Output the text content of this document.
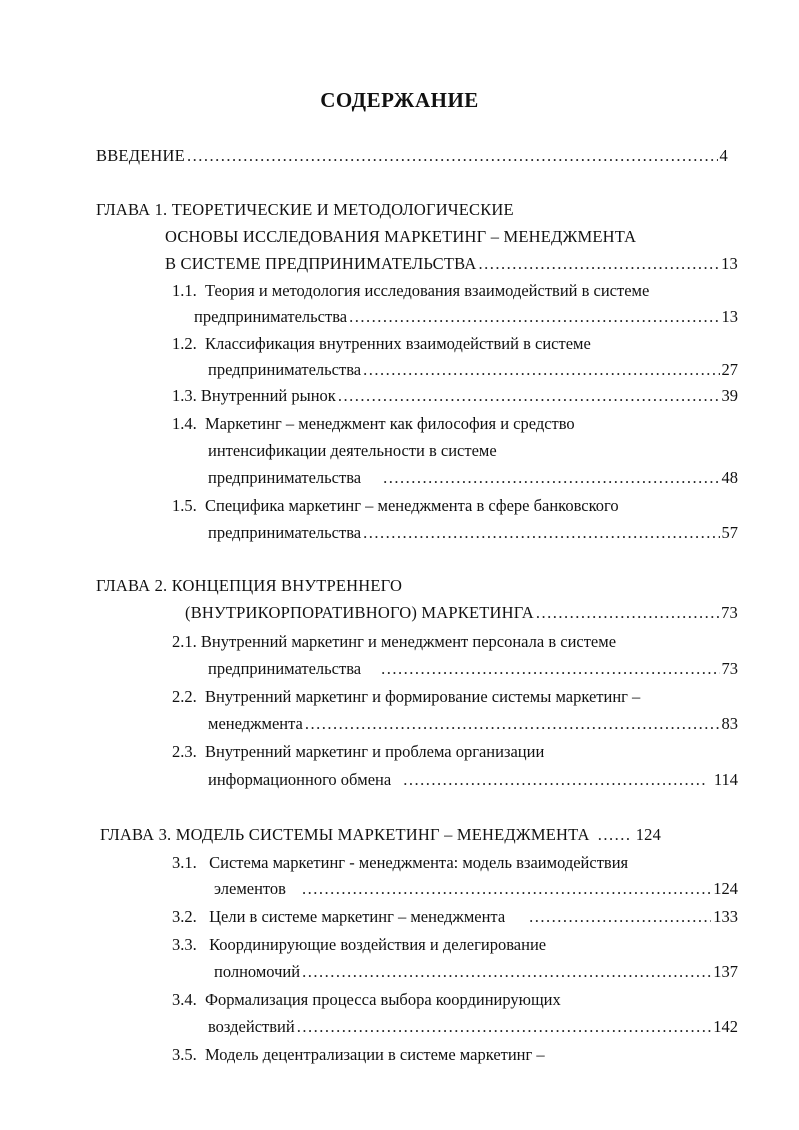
СОДЕРЖАНИЕ
ВВЕДЕНИЕ .....	4
ГЛАВА 1. ТЕОРЕТИЧЕСКИЕ И МЕТОДОЛОГИЧЕСКИЕ
ОСНОВЫ ИССЛЕДОВАНИЯ МАРКЕТИНГ – МЕНЕДЖМЕНТА
В СИСТЕМЕ ПРЕДПРИНИМАТЕЛЬСТВА .....	13
1.1. Теория и методология исследования взаимодействий в системе
предпринимательства .....	13
1.2. Классификация внутренних взаимодействий в системе
предпринимательства .....	27
1.3. Внутренний рынок .....	39
1.4. Маркетинг – менеджмент как философия и средство
интенсификации деятельности в системе
предпринимательства .....	48
1.5. Специфика маркетинг – менеджмента в сфере банковского
предпринимательства .....	57
ГЛАВА 2. КОНЦЕПЦИЯ ВНУТРЕННЕГО
(ВНУТРИКОРПОРАТИВНОГО) МАРКЕТИНГА .....	73
2.1. Внутренний маркетинг и менеджмент персонала в системе
предпринимательства .....	73
2.2. Внутренний маркетинг и формирование системы маркетинг –
менеджмента .....	83
2.3. Внутренний маркетинг и проблема организации
информационного обмена .....	114
ГЛАВА 3. МОДЕЛЬ СИСТЕМЫ МАРКЕТИНГ – МЕНЕДЖМЕНТА .....	124
3.1. Система маркетинг - менеджмента: модель взаимодействия
элементов .....	124
3.2. Цели в системе маркетинг – менеджмента .....	133
3.3. Координирующие воздействия и делегирование
полномочий .....	137
3.4. Формализация процесса выбора координирующих
воздействий .....	142
3.5. Модель децентрализации в системе маркетинг –
